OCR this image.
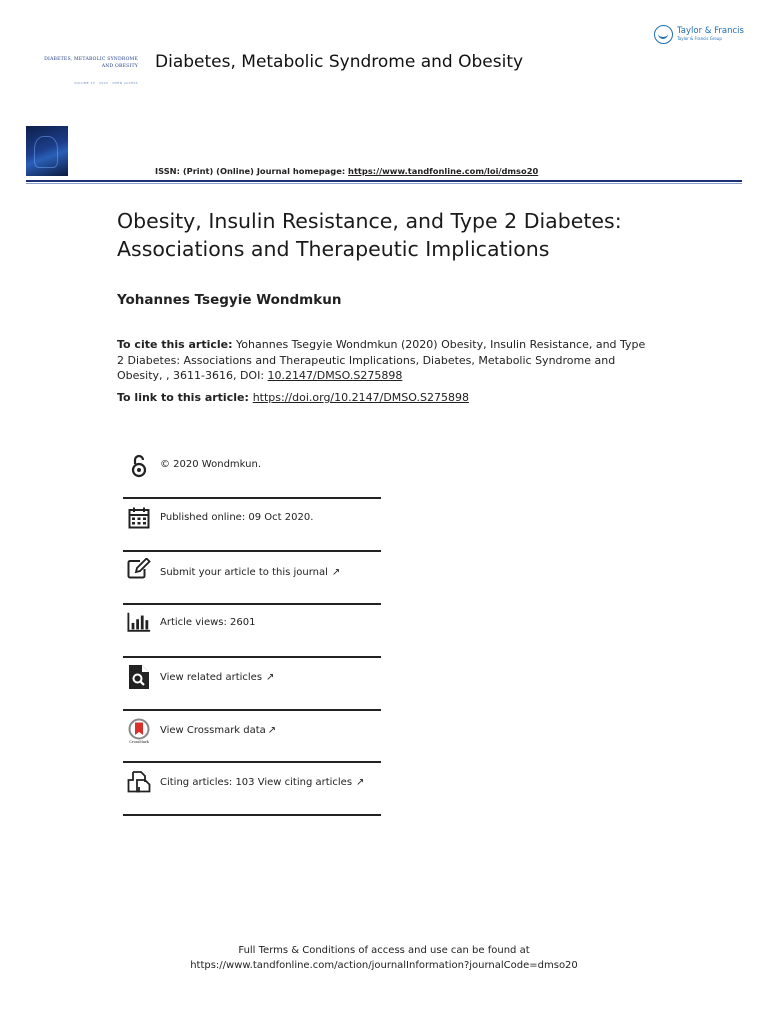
Taylor & Francis
Taylor & Francis Group
DIABETES, METABOLIC SYNDROME
AND OBESITY
VOLUME 13 · 2020 · OPEN ACCESS
Diabetes, Metabolic Syndrome and Obesity
ISSN: (Print) (Online) Journal homepage: https://www.tandfonline.com/loi/dmso20
Obesity, Insulin Resistance, and Type 2 Diabetes: Associations and Therapeutic Implications
Yohannes Tsegyie Wondmkun
To cite this article: Yohannes Tsegyie Wondmkun (2020) Obesity, Insulin Resistance, and Type 2 Diabetes: Associations and Therapeutic Implications, Diabetes, Metabolic Syndrome and Obesity, , 3611-3616, DOI: 10.2147/DMSO.S275898
To link to this article: https://doi.org/10.2147/DMSO.S275898
© 2020 Wondmkun.
Published online: 09 Oct 2020.
Submit your article to this journal ↗
Article views: 2601
View related articles ↗
CrossMark
View Crossmark data ↗
Citing articles: 103 View citing articles ↗
Full Terms & Conditions of access and use can be found at
https://www.tandfonline.com/action/journalInformation?journalCode=dmso20
